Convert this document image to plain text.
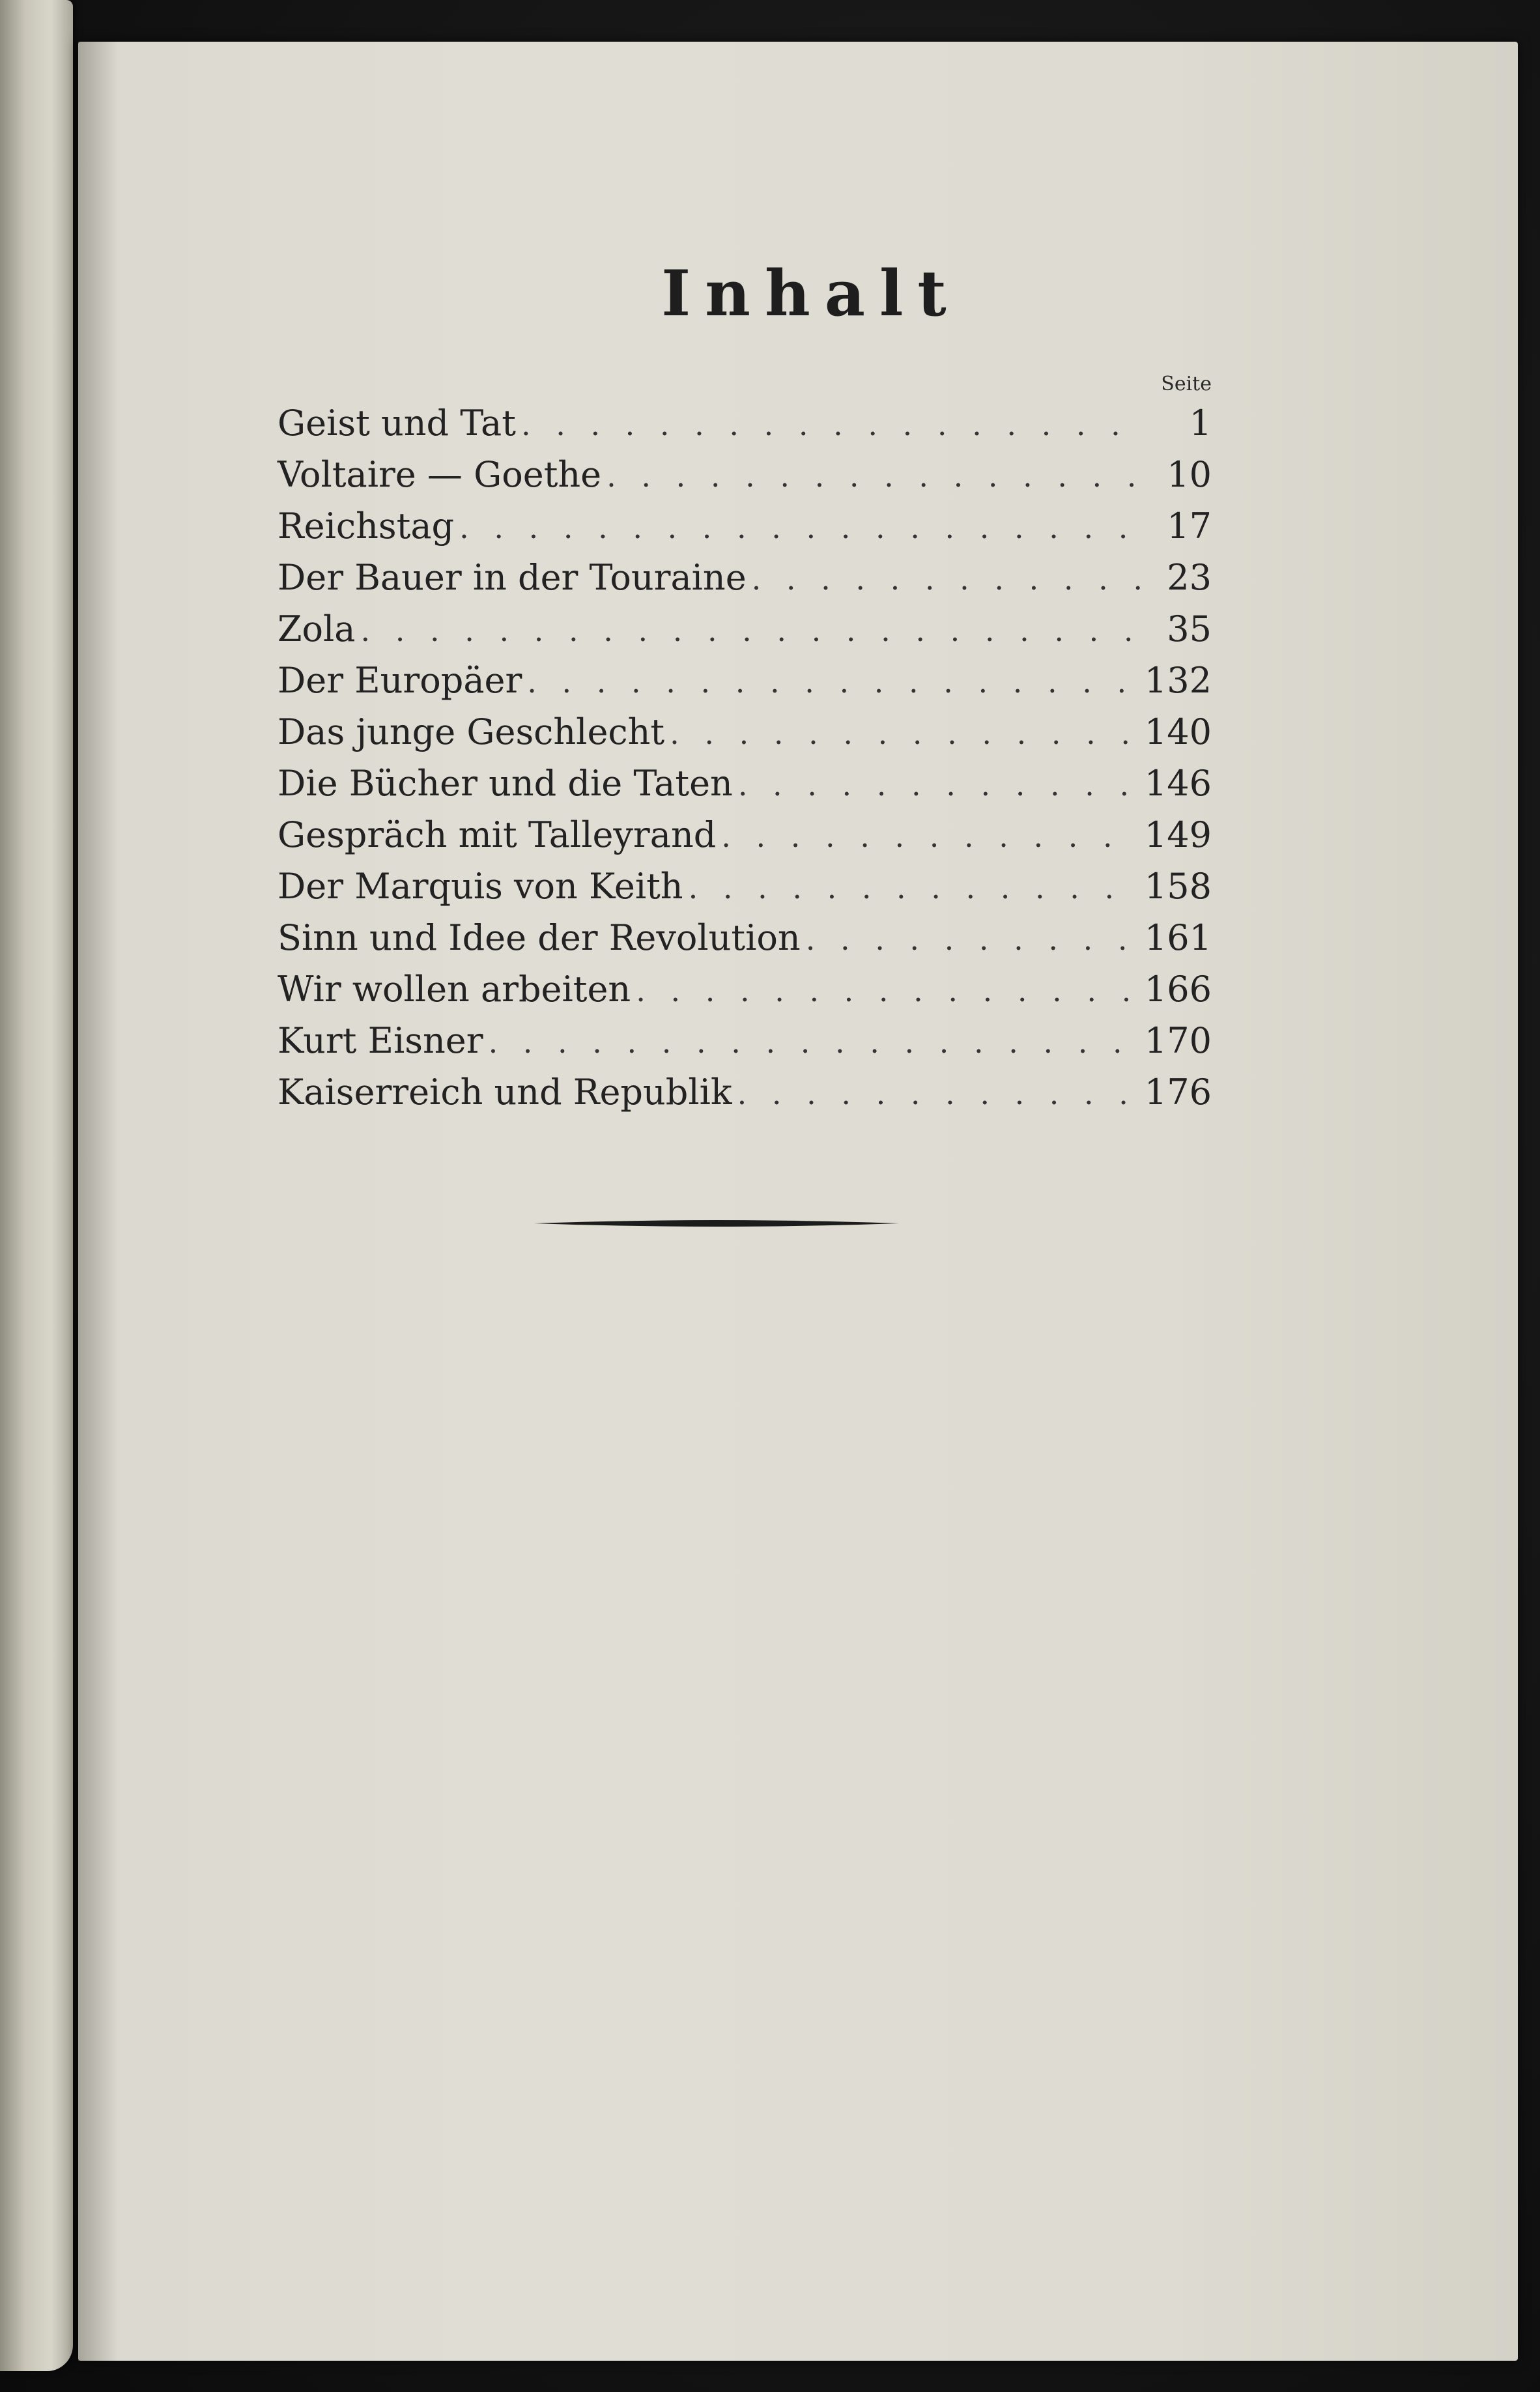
Inhalt
Seite
Geist und Tat . . .	1
Voltaire — Goethe . . .	10
Reichstag . . .	17
Der Bauer in der Touraine . . .	23
Zola . . .	35
Der Europäer . . .	132
Das junge Geschlecht . . .	140
Die Bücher und die Taten . . .	146
Gespräch mit Talleyrand . . .	149
Der Marquis von Keith . . .	158
Sinn und Idee der Revolution . . .	161
Wir wollen arbeiten . . .	166
Kurt Eisner . . .	170
Kaiserreich und Republik . . .	176
